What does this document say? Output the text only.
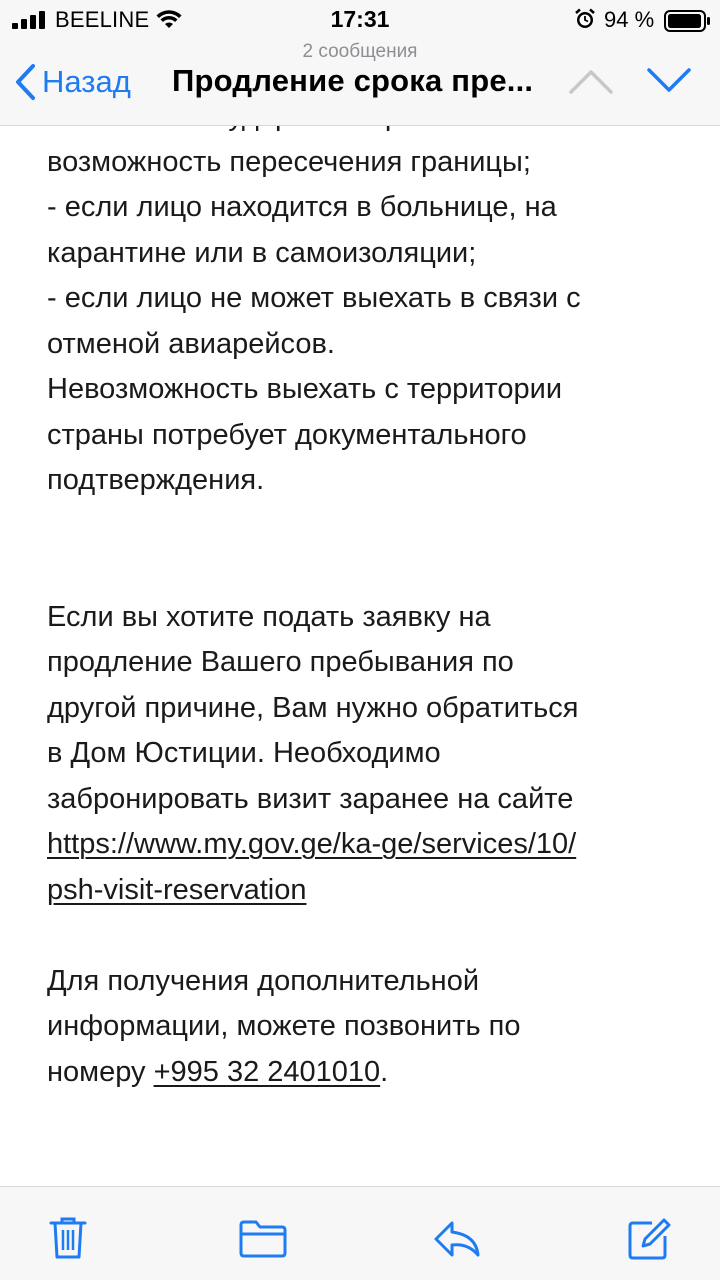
BEELINE	17:31	94 %
2 сообщения
Назад Продление срока пре...

возможность пересечения границы;

- если лицо находится в больнице, на

карантине или в самоизоляции;

- если лицо не может выехать в связи с

отменой авиарейсов.

Невозможность выехать с территории

страны потребует документального

подтверждения.

Если вы хотите подать заявку на

продление Вашего пребывания по

другой причине, Вам нужно обратиться

в Дом Юстиции. Необходимо

забронировать визит заранее на сайте

https://www.my.gov.ge/ka-ge/services/10/

psh-visit-reservation

Для получения дополнительной

информации, можете позвонить по

номеру +995 32 2401010.
